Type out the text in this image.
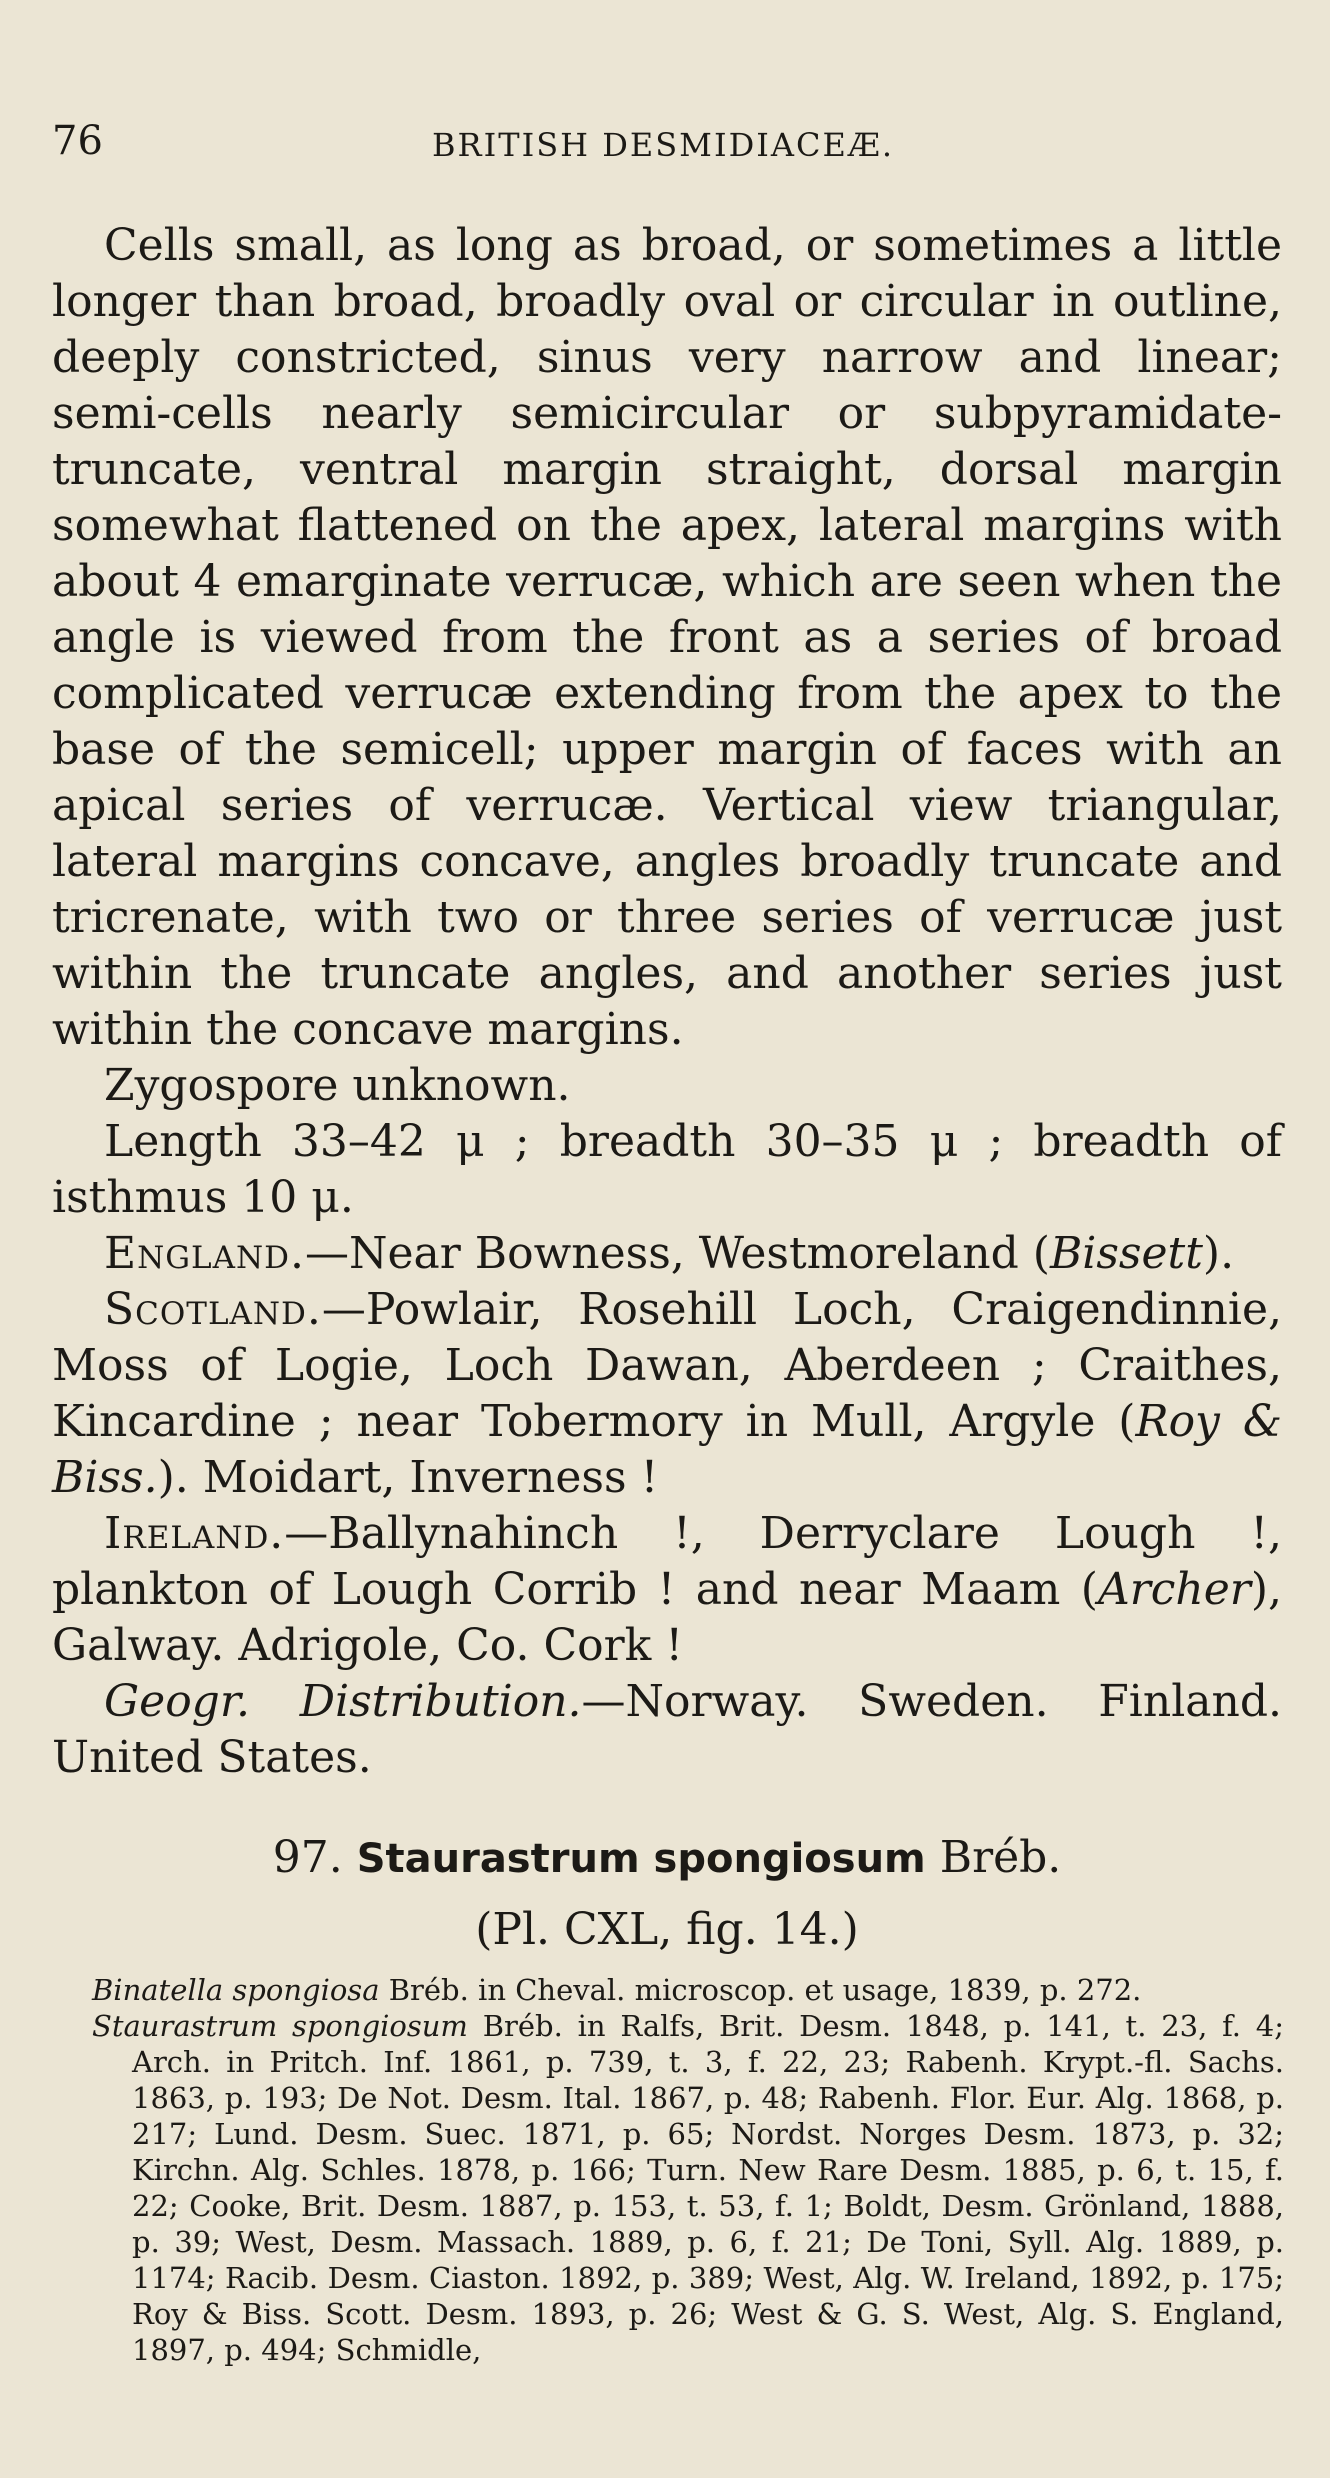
76	BRITISH DESMIDIACEÆ.

Cells small, as long as broad, or sometimes a little longer than broad, broadly oval or circular in outline, deeply constricted, sinus very narrow and linear; semi-cells nearly semicircular or subpyramidate-truncate, ventral margin straight, dorsal margin somewhat flattened on the apex, lateral margins with about 4 emarginate verrucæ, which are seen when the angle is viewed from the front as a series of broad complicated verrucæ extending from the apex to the base of the semicell; upper margin of faces with an apical series of verrucæ. Vertical view triangular, lateral margins concave, angles broadly truncate and tricrenate, with two or three series of verrucæ just within the truncate angles, and another series just within the concave margins.

Zygospore unknown.

Length 33–42 μ ; breadth 30–35 μ ; breadth of isthmus 10 μ.

England.—Near Bowness, Westmoreland (Bissett).

Scotland.—Powlair, Rosehill Loch, Craigendinnie, Moss of Logie, Loch Dawan, Aberdeen ; Craithes, Kincardine ; near Tobermory in Mull, Argyle (Roy & Biss.). Moidart, Inverness !

Ireland.—Ballynahinch !, Derryclare Lough !, plankton of Lough Corrib ! and near Maam (Archer), Galway. Adrigole, Co. Cork !

Geogr. Distribution.—Norway. Sweden. Finland. United States.

97. Staurastrum spongiosum Bréb.
(Pl. CXL, fig. 14.)

Binatella spongiosa Bréb. in Cheval. microscop. et usage, 1839, p. 272.

Staurastrum spongiosum Bréb. in Ralfs, Brit. Desm. 1848, p. 141, t. 23, f. 4; Arch. in Pritch. Inf. 1861, p. 739, t. 3, f. 22, 23; Rabenh. Krypt.-fl. Sachs. 1863, p. 193; De Not. Desm. Ital. 1867, p. 48; Rabenh. Flor. Eur. Alg. 1868, p. 217; Lund. Desm. Suec. 1871, p. 65; Nordst. Norges Desm. 1873, p. 32; Kirchn. Alg. Schles. 1878, p. 166; Turn. New Rare Desm. 1885, p. 6, t. 15, f. 22; Cooke, Brit. Desm. 1887, p. 153, t. 53, f. 1; Boldt, Desm. Grönland, 1888, p. 39; West, Desm. Massach. 1889, p. 6, f. 21; De Toni, Syll. Alg. 1889, p. 1174; Racib. Desm. Ciaston. 1892, p. 389; West, Alg. W. Ireland, 1892, p. 175; Roy & Biss. Scott. Desm. 1893, p. 26; West & G. S. West, Alg. S. England, 1897, p. 494; Schmidle,
